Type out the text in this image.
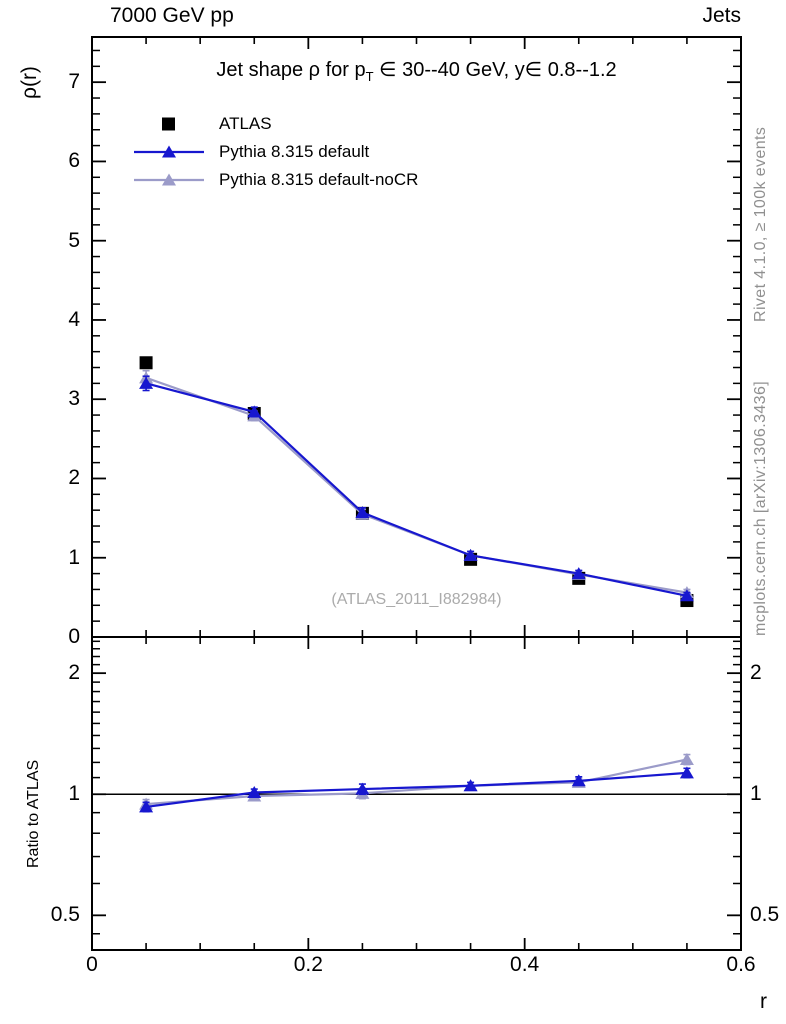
7000 GeV pp	Jets
Jet shape ρ for $p_T$ ∈ 30--40 GeV, y∈ 0.8--1.2
ρ(r)
Ratio to ATLAS
r
Rivet 4.1.0, ≥ 100k events
mcplots.cern.ch [arXiv:1306.3436]
(ATLAS_2011_I882984)
ATLAS
Pythia 8.315 default
Pythia 8.315 default-noCR
0
1
2
3
4
5
6
7
2	2
1	1
0.5	0.5
0	0.2	0.4	0.6
